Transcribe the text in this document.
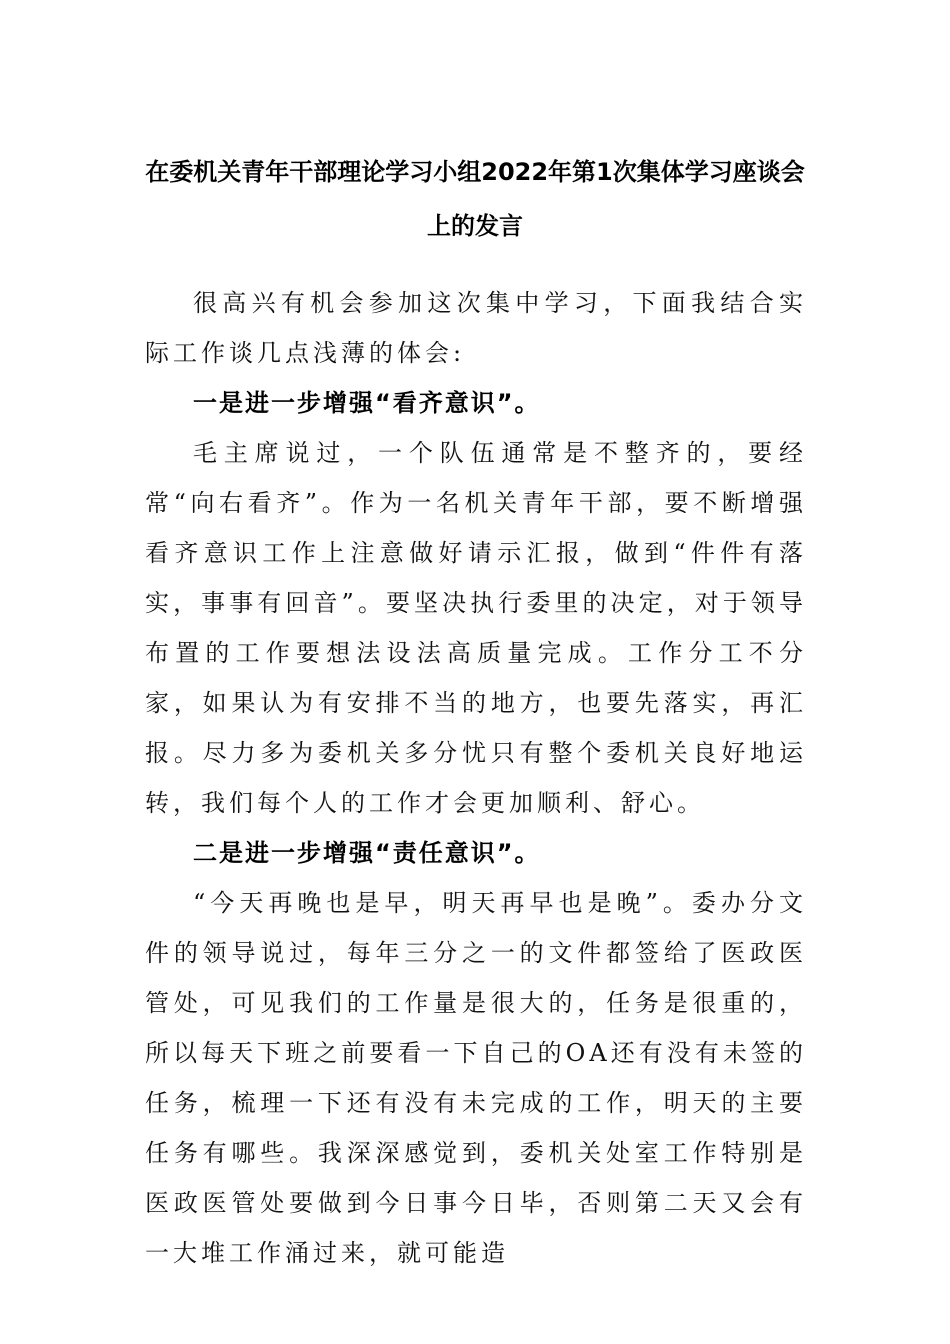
在委机关青年干部理论学习小组2022年第1次集体学习座谈会上的发言

很高兴有机会参加这次集中学习，下面我结合实际工作谈几点浅薄的体会:

一是进一步增强“看齐意识”。

毛主席说过，一个队伍通常是不整齐的，要经常“向右看齐”。作为一名机关青年干部，要不断增强看齐意识工作上注意做好请示汇报，做到“件件有落实，事事有回音”。要坚决执行委里的决定，对于领导布置的工作要想法设法高质量完成。工作分工不分家，如果认为有安排不当的地方，也要先落实，再汇报。尽力多为委机关多分忧只有整个委机关良好地运转，我们每个人的工作才会更加顺利、舒心。

二是进一步增强“责任意识”。

“今天再晚也是早，明天再早也是晚”。委办分文件的领导说过，每年三分之一的文件都签给了医政医管处，可见我们的工作量是很大的，任务是很重的，所以每天下班之前要看一下自己的OA还有没有未签的任务，梳理一下还有没有未完成的工作，明天的主要任务有哪些。我深深感觉到，委机关处室工作特别是医政医管处要做到今日事今日毕，否则第二天又会有一大堆工作涌过来，就可能造
